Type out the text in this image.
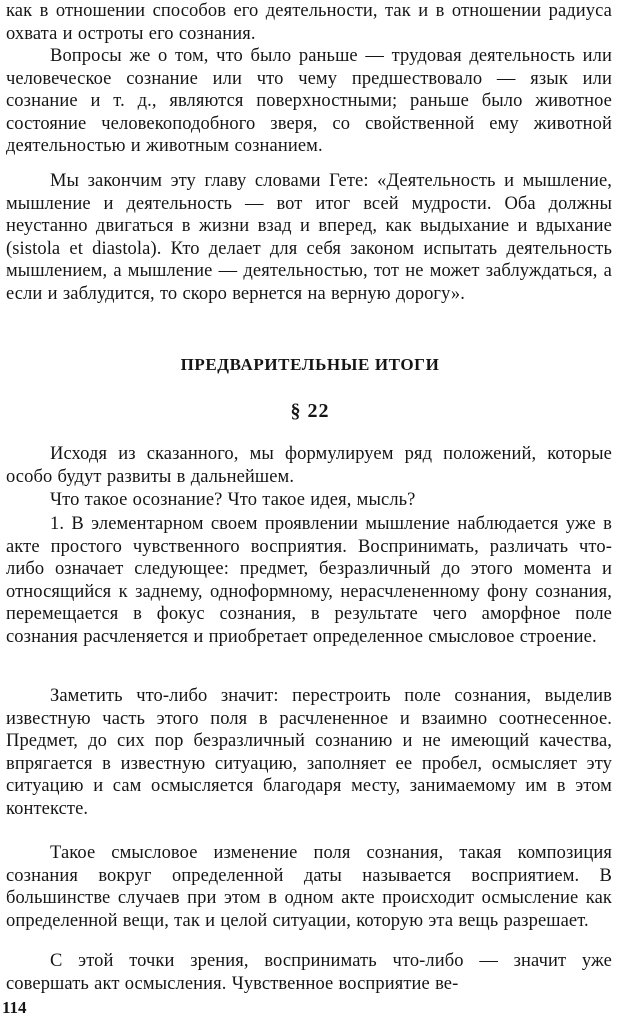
как в отношении способов его деятельности, так и в отношении радиуса охвата и остроты его сознания.

Вопросы же о том, что было раньше — трудовая деятельность или человеческое сознание или что чему предшествовало — язык или сознание и т. д., являются поверхностными; раньше было животное состояние человекоподобного зверя, со свойственной ему животной деятельностью и животным сознанием.

Мы закончим эту главу словами Гете: «Деятельность и мышление, мышление и деятельность — вот итог всей мудрости. Оба должны неустанно двигаться в жизни взад и вперед, как выдыхание и вдыхание (sistola et diastola). Кто делает для себя законом испытать деятельность мышлением, а мышление — деятельностью, тот не может заблуждаться, а если и заблудится, то скоро вернется на верную дорогу».

ПРЕДВАРИТЕЛЬНЫЕ ИТОГИ

§ 22

Исходя из сказанного, мы формулируем ряд положений, которые особо будут развиты в дальнейшем.

Что такое осознание? Что такое идея, мысль?

1. В элементарном своем проявлении мышление наблюдается уже в акте простого чувственного восприятия. Воспринимать, различать что-либо означает следующее: предмет, безразличный до этого момента и относящийся к заднему, одноформному, нерасчлененному фону сознания, перемещается в фокус сознания, в результате чего аморфное поле сознания расчленяется и приобретает определенное смысловое строение.

Заметить что-либо значит: перестроить поле сознания, выделив известную часть этого поля в расчлененное и взаимно соотнесенное. Предмет, до сих пор безразличный сознанию и не имеющий качества, впрягается в известную ситуацию, заполняет ее пробел, осмысляет эту ситуацию и сам осмысляется благодаря месту, занимаемому им в этом контексте.

Такое смысловое изменение поля сознания, такая композиция сознания вокруг определенной даты называется восприятием. В большинстве случаев при этом в одном акте происходит осмысление как определенной вещи, так и целой ситуации, которую эта вещь разрешает.

С этой точки зрения, воспринимать что-либо — значит уже совершать акт осмысления. Чувственное восприятие ве-

114
